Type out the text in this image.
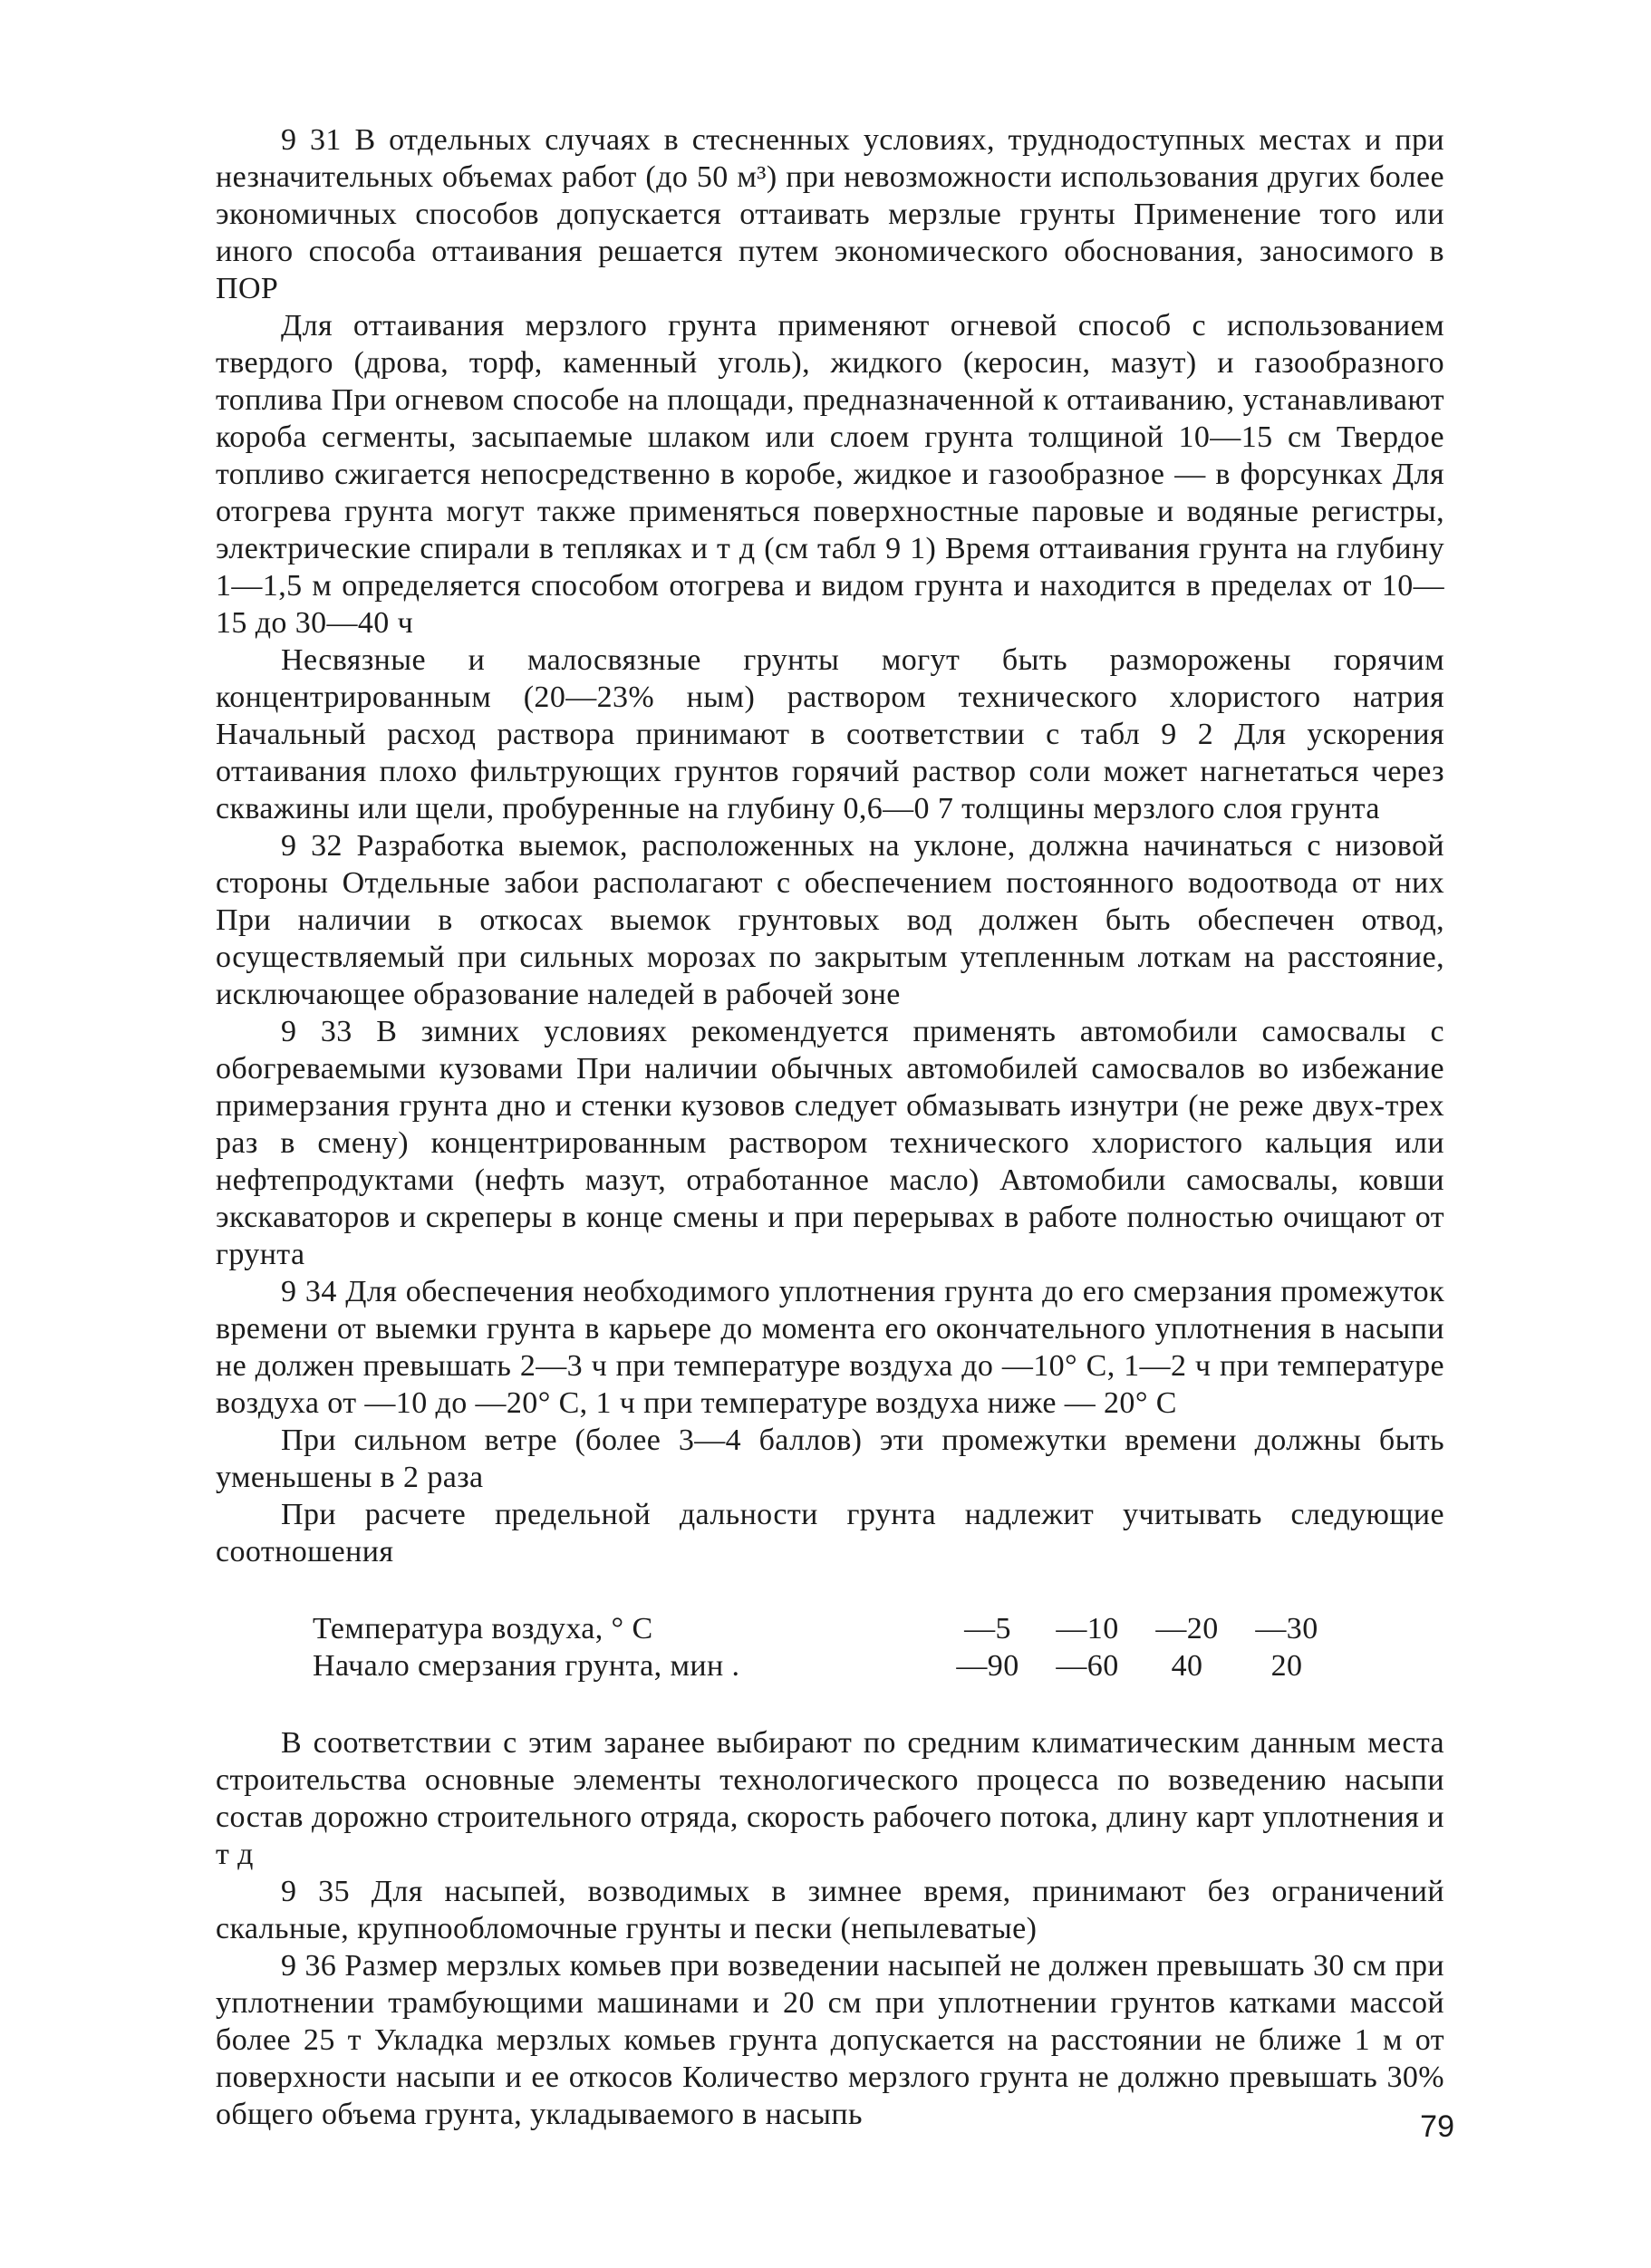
9 31 В отдельных случаях в стесненных условиях, труднодоступных местах и при незначительных объемах работ (до 50 м³) при невозможности использования других более экономичных способов допускается оттаивать мерзлые грунты Применение того или иного способа оттаивания решается путем экономического обоснования, заносимого в ПОР

Для оттаивания мерзлого грунта применяют огневой способ с использованием твердого (дрова, торф, каменный уголь), жидкого (керосин, мазут) и газообразного топлива При огневом способе на площади, предназначенной к оттаиванию, устанавливают короба сегменты, засыпаемые шлаком или слоем грунта толщиной 10—15 см Твердое топливо сжигается непосредственно в коробе, жидкое и газообразное — в форсунках Для отогрева грунта могут также применяться поверхностные паровые и водяные регистры, электрические спирали в тепляках и т д (см табл 9 1) Время оттаивания грунта на глубину 1—1,5 м определяется способом отогрева и видом грунта и находится в пределах от 10—15 до 30—40 ч

Несвязные и малосвязные грунты могут быть разморожены горячим концентрированным (20—23% ным) раствором технического хлористого натрия Начальный расход раствора принимают в соответствии с табл 9 2 Для ускорения оттаивания плохо фильтрующих грунтов горячий раствор соли может нагнетаться через скважины или щели, пробуренные на глубину 0,6—0 7 толщины мерзлого слоя грунта

9 32 Разработка выемок, расположенных на уклоне, должна начинаться с низовой стороны Отдельные забои располагают с обеспечением постоянного водоотвода от них При наличии в откосах выемок грунтовых вод должен быть обеспечен отвод, осуществляемый при сильных морозах по закрытым утепленным лоткам на расстояние, исключающее образование наледей в рабочей зоне

9 33 В зимних условиях рекомендуется применять автомобили самосвалы с обогреваемыми кузовами При наличии обычных автомобилей самосвалов во избежание примерзания грунта дно и стенки кузовов следует обмазывать изнутри (не реже двух-трех раз в смену) концентрированным раствором технического хлористого кальция или нефтепродуктами (нефть мазут, отработанное масло) Автомобили самосвалы, ковши экскаваторов и скреперы в конце смены и при перерывах в работе полностью очищают от грунта

9 34 Для обеспечения необходимого уплотнения грунта до его смерзания промежуток времени от выемки грунта в карьере до момента его окончательного уплотнения в насыпи не должен превышать 2—3 ч при температуре воздуха до —10° С, 1—2 ч при температуре воздуха от —10 до —20° С, 1 ч при температуре воздуха ниже — 20° С

При сильном ветре (более 3—4 баллов) эти промежутки времени должны быть уменьшены в 2 раза

При расчете предельной дальности грунта надлежит учитывать следующие соотношения

Температура воздуха, ° С	—5	—10	—20	—30
Начало смерзания грунта, мин .	—90	—60	40	20

В соответствии с этим заранее выбирают по средним климатическим данным места строительства основные элементы технологического процесса по возведению насыпи состав дорожно строительного отряда, скорость рабочего потока, длину карт уплотнения и т д

9 35 Для насыпей, возводимых в зимнее время, принимают без ограничений скальные, крупнообломочные грунты и пески (непылеватые)

9 36 Размер мерзлых комьев при возведении насыпей не должен превышать 30 см при уплотнении трамбующими машинами и 20 см при уплотнении грунтов катками массой более 25 т Укладка мерзлых комьев грунта допускается на расстоянии не ближе 1 м от поверхности насыпи и ее откосов Количество мерзлого грунта не должно превышать 30% общего объема грунта, укладываемого в насыпь	79
